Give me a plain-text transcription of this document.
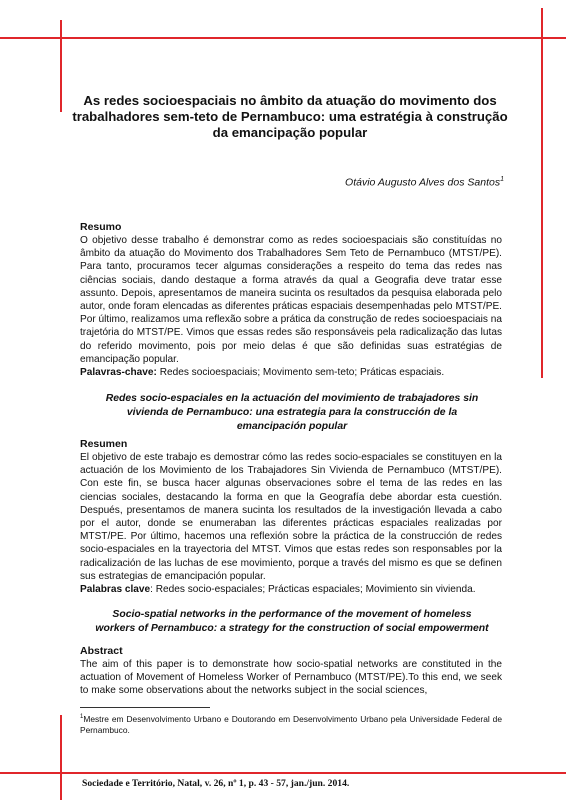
As redes socioespaciais no âmbito da atuação do movimento dos trabalhadores sem-teto de Pernambuco: uma estratégia à construção da emancipação popular
Otávio Augusto Alves dos Santos$^1$
Resumo

O objetivo desse trabalho é demonstrar como as redes socioespaciais são constituídas no âmbito da atuação do Movimento dos Trabalhadores Sem Teto de Pernambuco (MTST/PE). Para tanto, procuramos tecer algumas considerações a respeito do tema das redes nas ciências sociais, dando destaque a forma através da qual a Geografia deve tratar esse assunto. Depois, apresentamos de maneira sucinta os resultados da pesquisa elaborada pelo autor, onde foram elencadas as diferentes práticas espaciais desempenhadas pelo MTST/PE. Por último, realizamos uma reflexão sobre a prática da construção de redes socioespaciais na trajetória do MTST/PE. Vimos que essas redes são responsáveis pela radicalização das lutas do referido movimento, pois por meio delas é que são definidas suas estratégias de emancipação popular.

Palavras-chave: Redes socioespaciais; Movimento sem-teto; Práticas espaciais.

Redes socio-espaciales en la actuación del movimiento de trabajadores sin vivienda de Pernambuco: una estrategia para la construcción de la emancipación popular
Resumen

El objetivo de este trabajo es demostrar cómo las redes socio-espaciales se constituyen en la actuación de los Movimiento de los Trabajadores Sin Vivienda de Pernambuco (MTST/PE). Con este fin, se busca hacer algunas observaciones sobre el tema de las redes en las ciencias sociales, destacando la forma en que la Geografía debe abordar esta cuestión. Después, presentamos de manera sucinta los resultados de la investigación llevada a cabo por el autor, donde se enumeraban las diferentes prácticas espaciales realizadas por MTST/PE. Por último, hacemos una reflexión sobre la práctica de la construcción de redes socio-espaciales en la trayectoria del MTST. Vimos que estas redes son responsables por la radicalización de las luchas de ese movimiento, porque a través del mismo es que se definen sus estrategias de emancipación popular.

Palabras clave: Redes socio-espaciales; Prácticas espaciales; Movimiento sin vivienda.

Socio-spatial networks in the performance of the movement of homeless workers of Pernambuco: a strategy for the construction of social empowerment
Abstract

The aim of this paper is to demonstrate how socio-spatial networks are constituted in the actuation of Movement of Homeless Worker of Pernambuco (MTST/PE).To this end, we seek to make some observations about the networks subject in the social sciences,

$^1$Mestre em Desenvolvimento Urbano e Doutorando em Desenvolvimento Urbano pela Universidade Federal de Pernambuco.
Sociedade e Território, Natal, v. 26, nº 1, p. 43 - 57, jan./jun. 2014.
